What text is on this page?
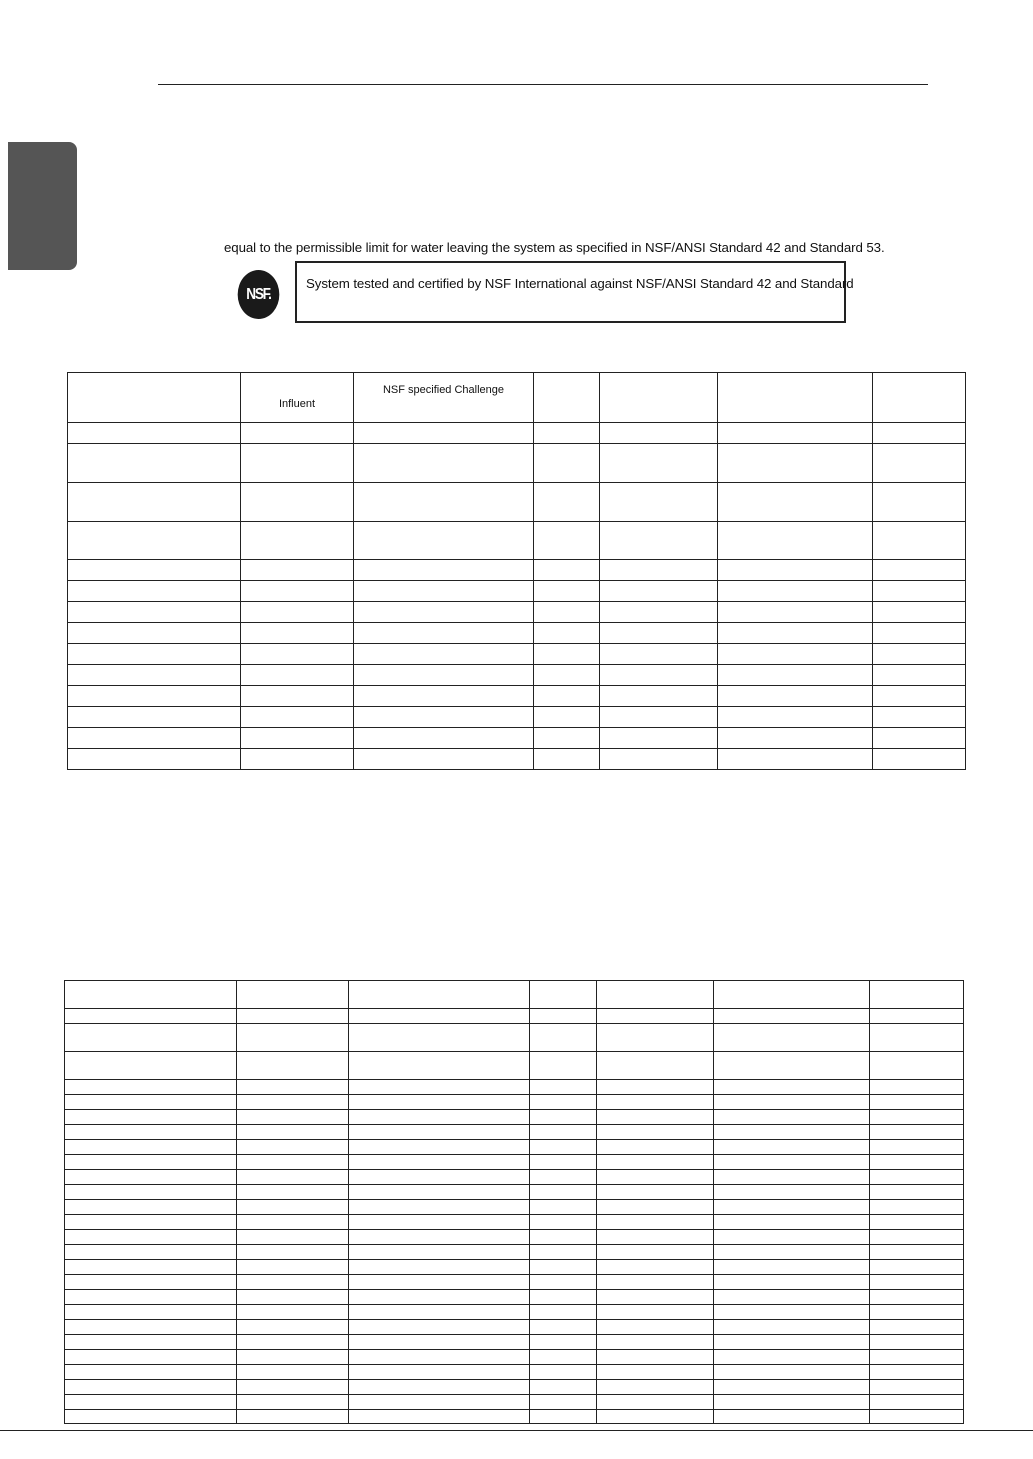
equal to the permissible limit for water leaving the system as specified in NSF/ANSI Standard 42 and Standard 53.
NSF.
System tested and certified by NSF International against NSF/ANSI Standard 42 and Standard

	Influent	NSF specified Challenge				
